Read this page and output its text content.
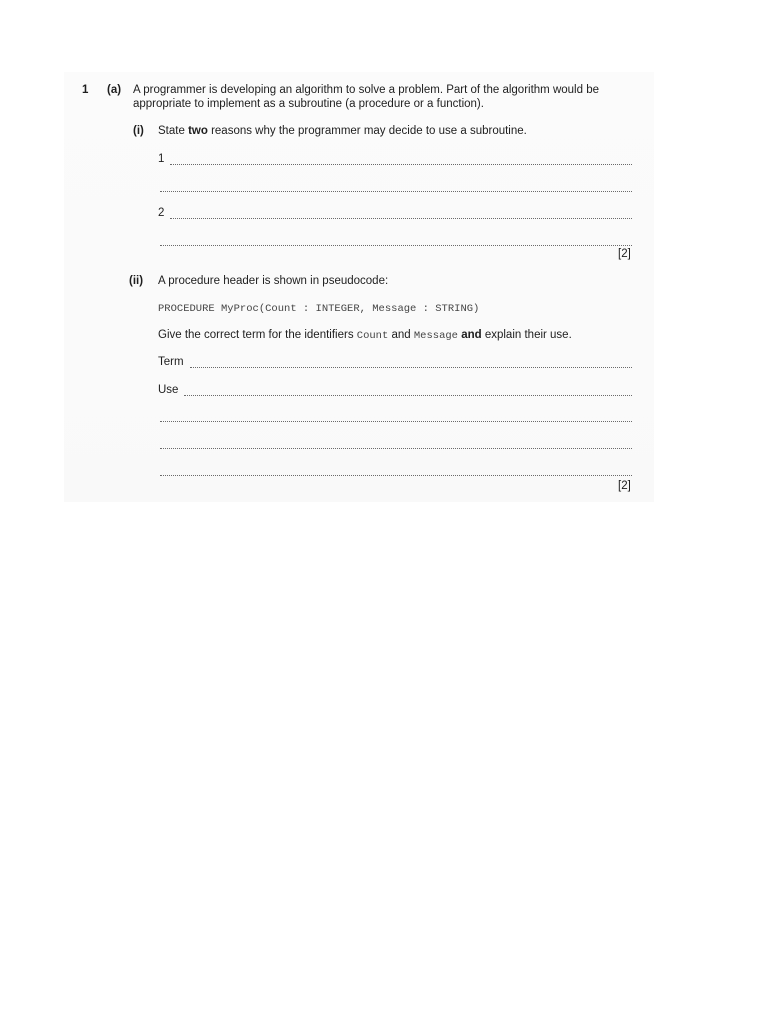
1 (a) A programmer is developing an algorithm to solve a problem. Part of the algorithm would be
appropriate to implement as a subroutine (a procedure or a function).
(i) State two reasons why the programmer may decide to use a subroutine.
1
2
[2]
(ii) A procedure header is shown in pseudocode:
PROCEDURE MyProc(Count : INTEGER, Message : STRING)
Give the correct term for the identifiers Count and Message and explain their use.
Term
Use
[2]
